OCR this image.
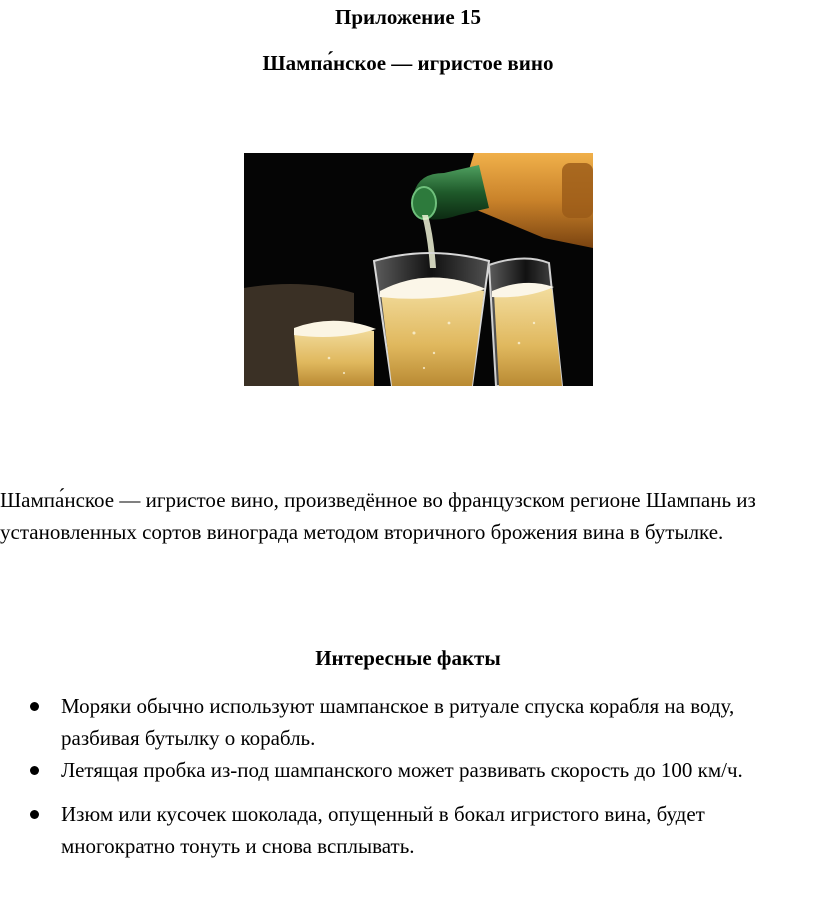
Приложение 15
Шампа́нское — игристое вино

Шампа́нское — игристое вино, произведённое во французском регионе Шампань из установленных сортов винограда методом вторичного брожения вина в бутылке.

Интересные факты
Моряки обычно используют шампанское в ритуале спуска корабля на воду, разбивая бутылку о корабль.
Летящая пробка из-под шампанского может развивать скорость до 100 км/ч.
Изюм или кусочек шоколада, опущенный в бокал игристого вина, будет многократно тонуть и снова всплывать.
